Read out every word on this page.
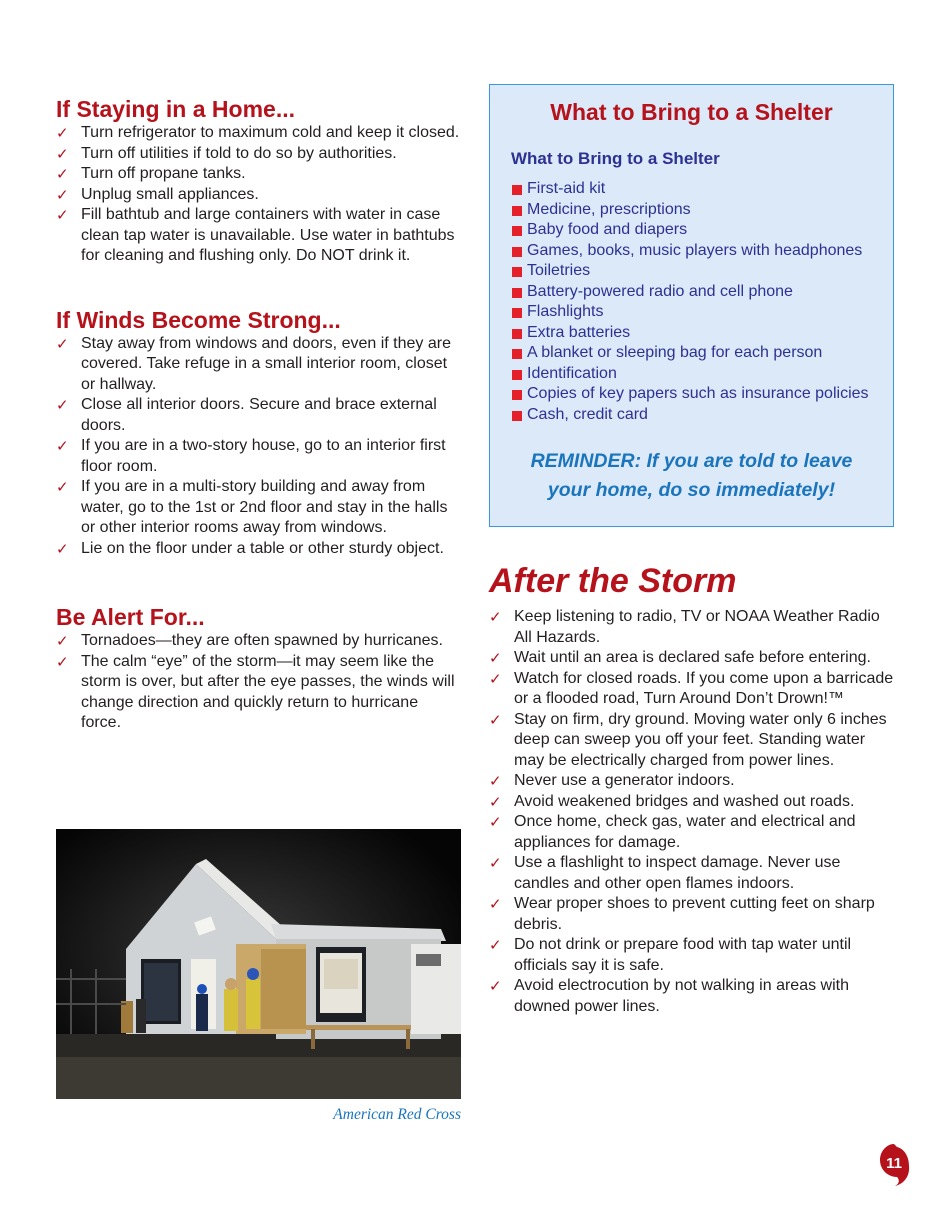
If Staying in a Home...
✓ Turn refrigerator to maximum cold and keep it closed.
✓ Turn off utilities if told to do so by authorities.
✓ Turn off propane tanks.
✓ Unplug small appliances.
✓ Fill bathtub and large containers with water in case clean tap water is unavailable. Use water in bathtubs for cleaning and flushing only. Do NOT drink it.
If Winds Become Strong...
✓ Stay away from windows and doors, even if they are covered. Take refuge in a small interior room, closet or hallway.
✓ Close all interior doors. Secure and brace external doors.
✓ If you are in a two-story house, go to an interior first floor room.
✓ If you are in a multi-story building and away from water, go to the 1st or 2nd floor and stay in the halls or other interior rooms away from windows.
✓ Lie on the floor under a table or other sturdy object.
Be Alert For...
✓ Tornadoes—they are often spawned by hurricanes.
✓ The calm “eye” of the storm—it may seem like the storm is over, but after the eye passes, the winds will change direction and quickly return to hurricane force.
American Red Cross
What to Bring to a Shelter
What to Bring to a Shelter
First-aid kit
Medicine, prescriptions
Baby food and diapers
Games, books, music players with headphones
Toiletries
Battery-powered radio and cell phone
Flashlights
Extra batteries
A blanket or sleeping bag for each person
Identification
Copies of key papers such as insurance policies
Cash, credit card
REMINDER: If you are told to leave
your home, do so immediately!
After the Storm
✓ Keep listening to radio, TV or NOAA Weather Radio All Hazards.
✓ Wait until an area is declared safe before entering.
✓ Watch for closed roads. If you come upon a barricade or a flooded road, Turn Around Don’t Drown!™
✓ Stay on firm, dry ground. Moving water only 6 inches deep can sweep you off your feet. Standing water may be electrically charged from power lines.
✓ Never use a generator indoors.
✓ Avoid weakened bridges and washed out roads.
✓ Once home, check gas, water and electrical and appliances for damage.
✓ Use a flashlight to inspect damage. Never use candles and other open flames indoors.
✓ Wear proper shoes to prevent cutting feet on sharp debris.
✓ Do not drink or prepare food with tap water until officials say it is safe.
✓ Avoid electrocution by not walking in areas with downed power lines.
11
